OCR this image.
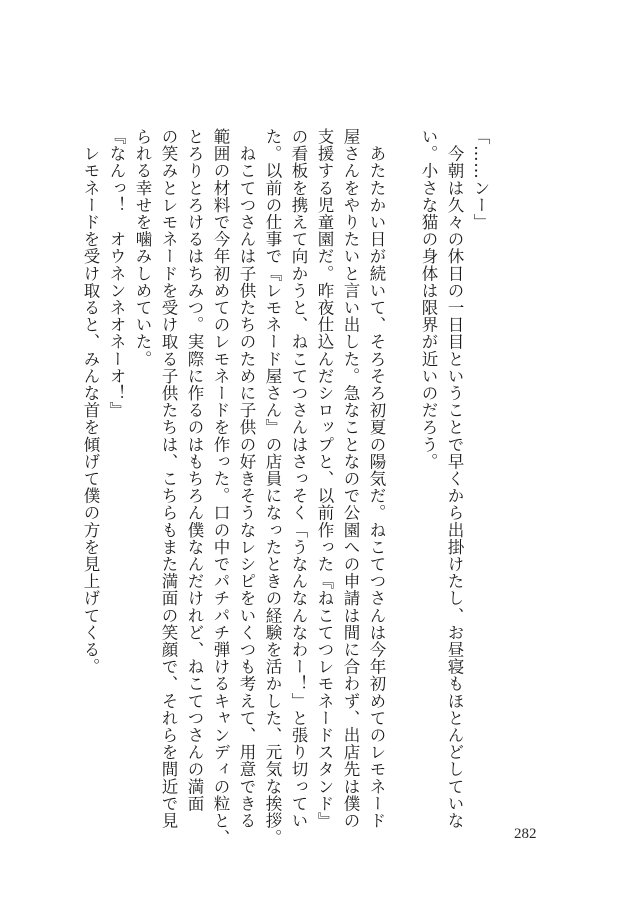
「……ンー」
　今朝は久々の休日の一日目ということで早くから出掛けたし、お昼寝もほとんどしていな
い。小さな猫の身体は限界が近いのだろう。

　あたたかい日が続いて、そろそろ初夏の陽気だ。ねこてつさんは今年初めてのレモネード
屋さんをやりたいと言い出した。急なことなので公園への申請は間に合わず、出店先は僕の
支援する児童園だ。昨夜仕込んだシロップと、以前作った『ねこてつレモネードスタンド』
の看板を携えて向かうと、ねこてつさんはさっそく「うなんなんなわー！」と張り切ってい
た。以前の仕事で『レモネード屋さん』の店員になったときの経験を活かした、元気な挨拶。
　ねこてつさんは子供たちのために子供の好きそうなレシピをいくつも考えて、用意できる
範囲の材料で今年初めてのレモネードを作った。口の中でパチパチ弾けるキャンディの粒と、
とろりとろけるはちみつ。実際に作るのはもちろん僕なんだけれど、ねこてつさんの満面
の笑みとレモネードを受け取る子供たちは、こちらもまた満面の笑顔で、それらを間近で見
られる幸せを噛みしめていた。
『なんっ！　オウネンネオネーオ！』
　レモネードを受け取ると、みんな首を傾げて僕の方を見上げてくる。
282
